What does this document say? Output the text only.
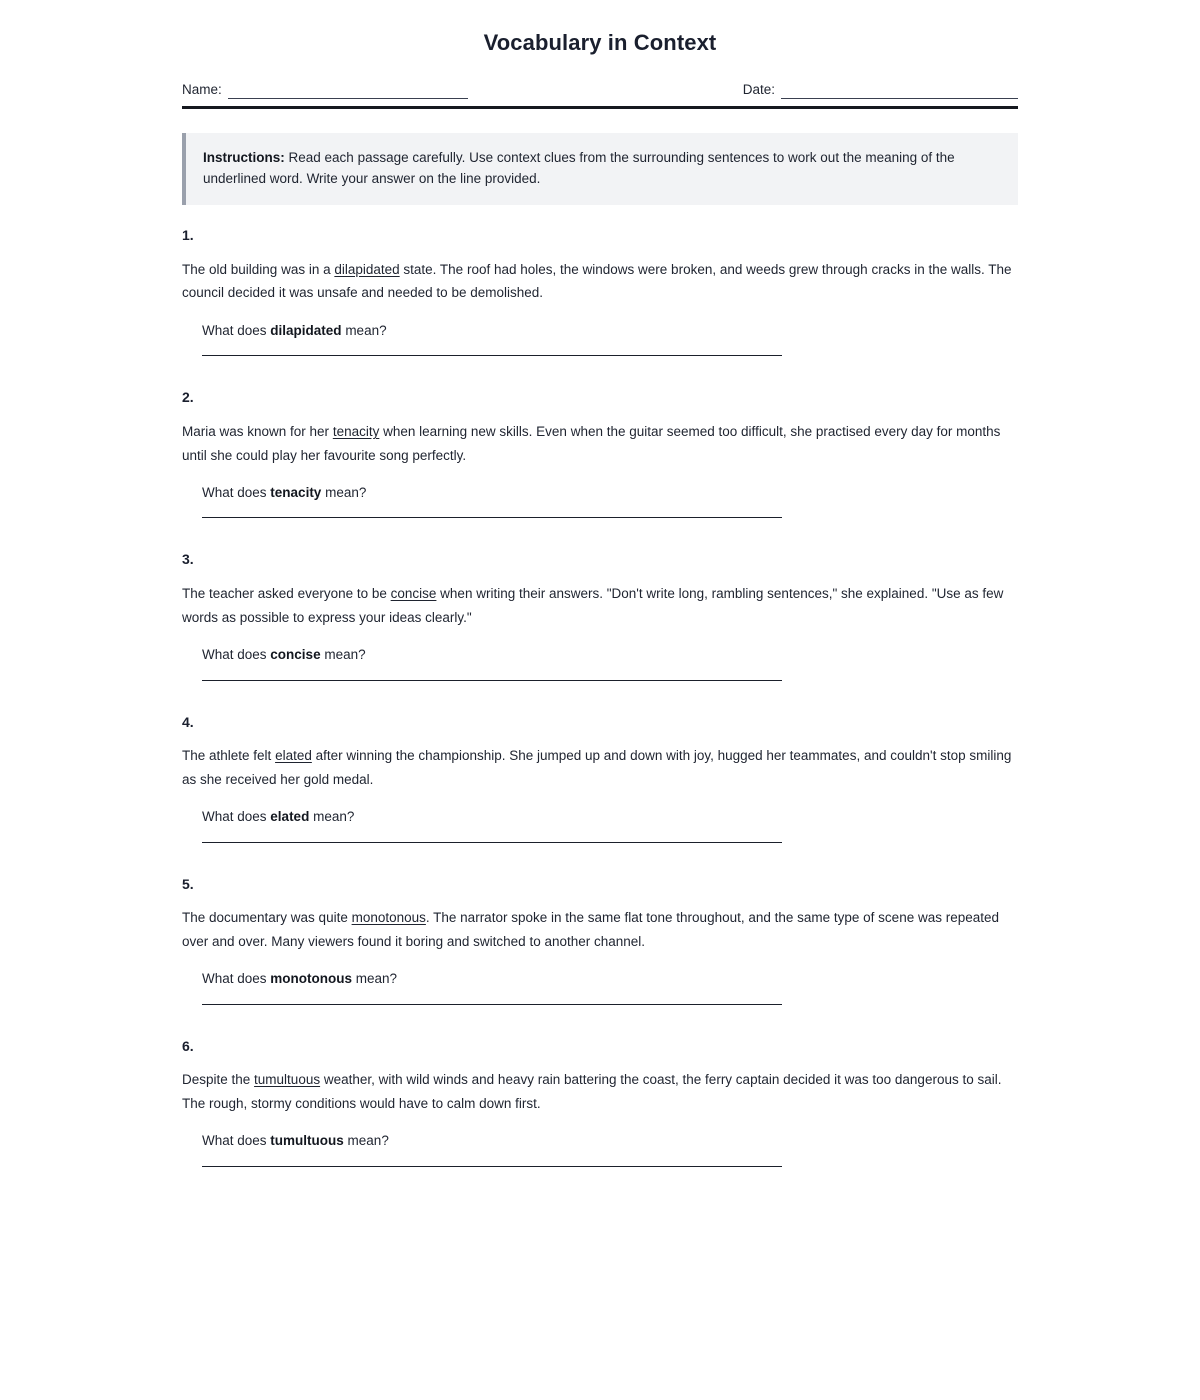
Vocabulary in Context
Name:	Date:
Instructions: Read each passage carefully. Use context clues from the surrounding sentences to work out the meaning of the underlined word. Write your answer on the line provided.
1.

The old building was in a dilapidated state. The roof had holes, the windows were broken, and weeds grew through cracks in the walls. The council decided it was unsafe and needed to be demolished.

What does dilapidated mean?

2.

Maria was known for her tenacity when learning new skills. Even when the guitar seemed too difficult, she practised every day for months until she could play her favourite song perfectly.

What does tenacity mean?

3.

The teacher asked everyone to be concise when writing their answers. "Don't write long, rambling sentences," she explained. "Use as few words as possible to express your ideas clearly."

What does concise mean?

4.

The athlete felt elated after winning the championship. She jumped up and down with joy, hugged her teammates, and couldn't stop smiling as she received her gold medal.

What does elated mean?

5.

The documentary was quite monotonous. The narrator spoke in the same flat tone throughout, and the same type of scene was repeated over and over. Many viewers found it boring and switched to another channel.

What does monotonous mean?

6.

Despite the tumultuous weather, with wild winds and heavy rain battering the coast, the ferry captain decided it was too dangerous to sail. The rough, stormy conditions would have to calm down first.

What does tumultuous mean?
